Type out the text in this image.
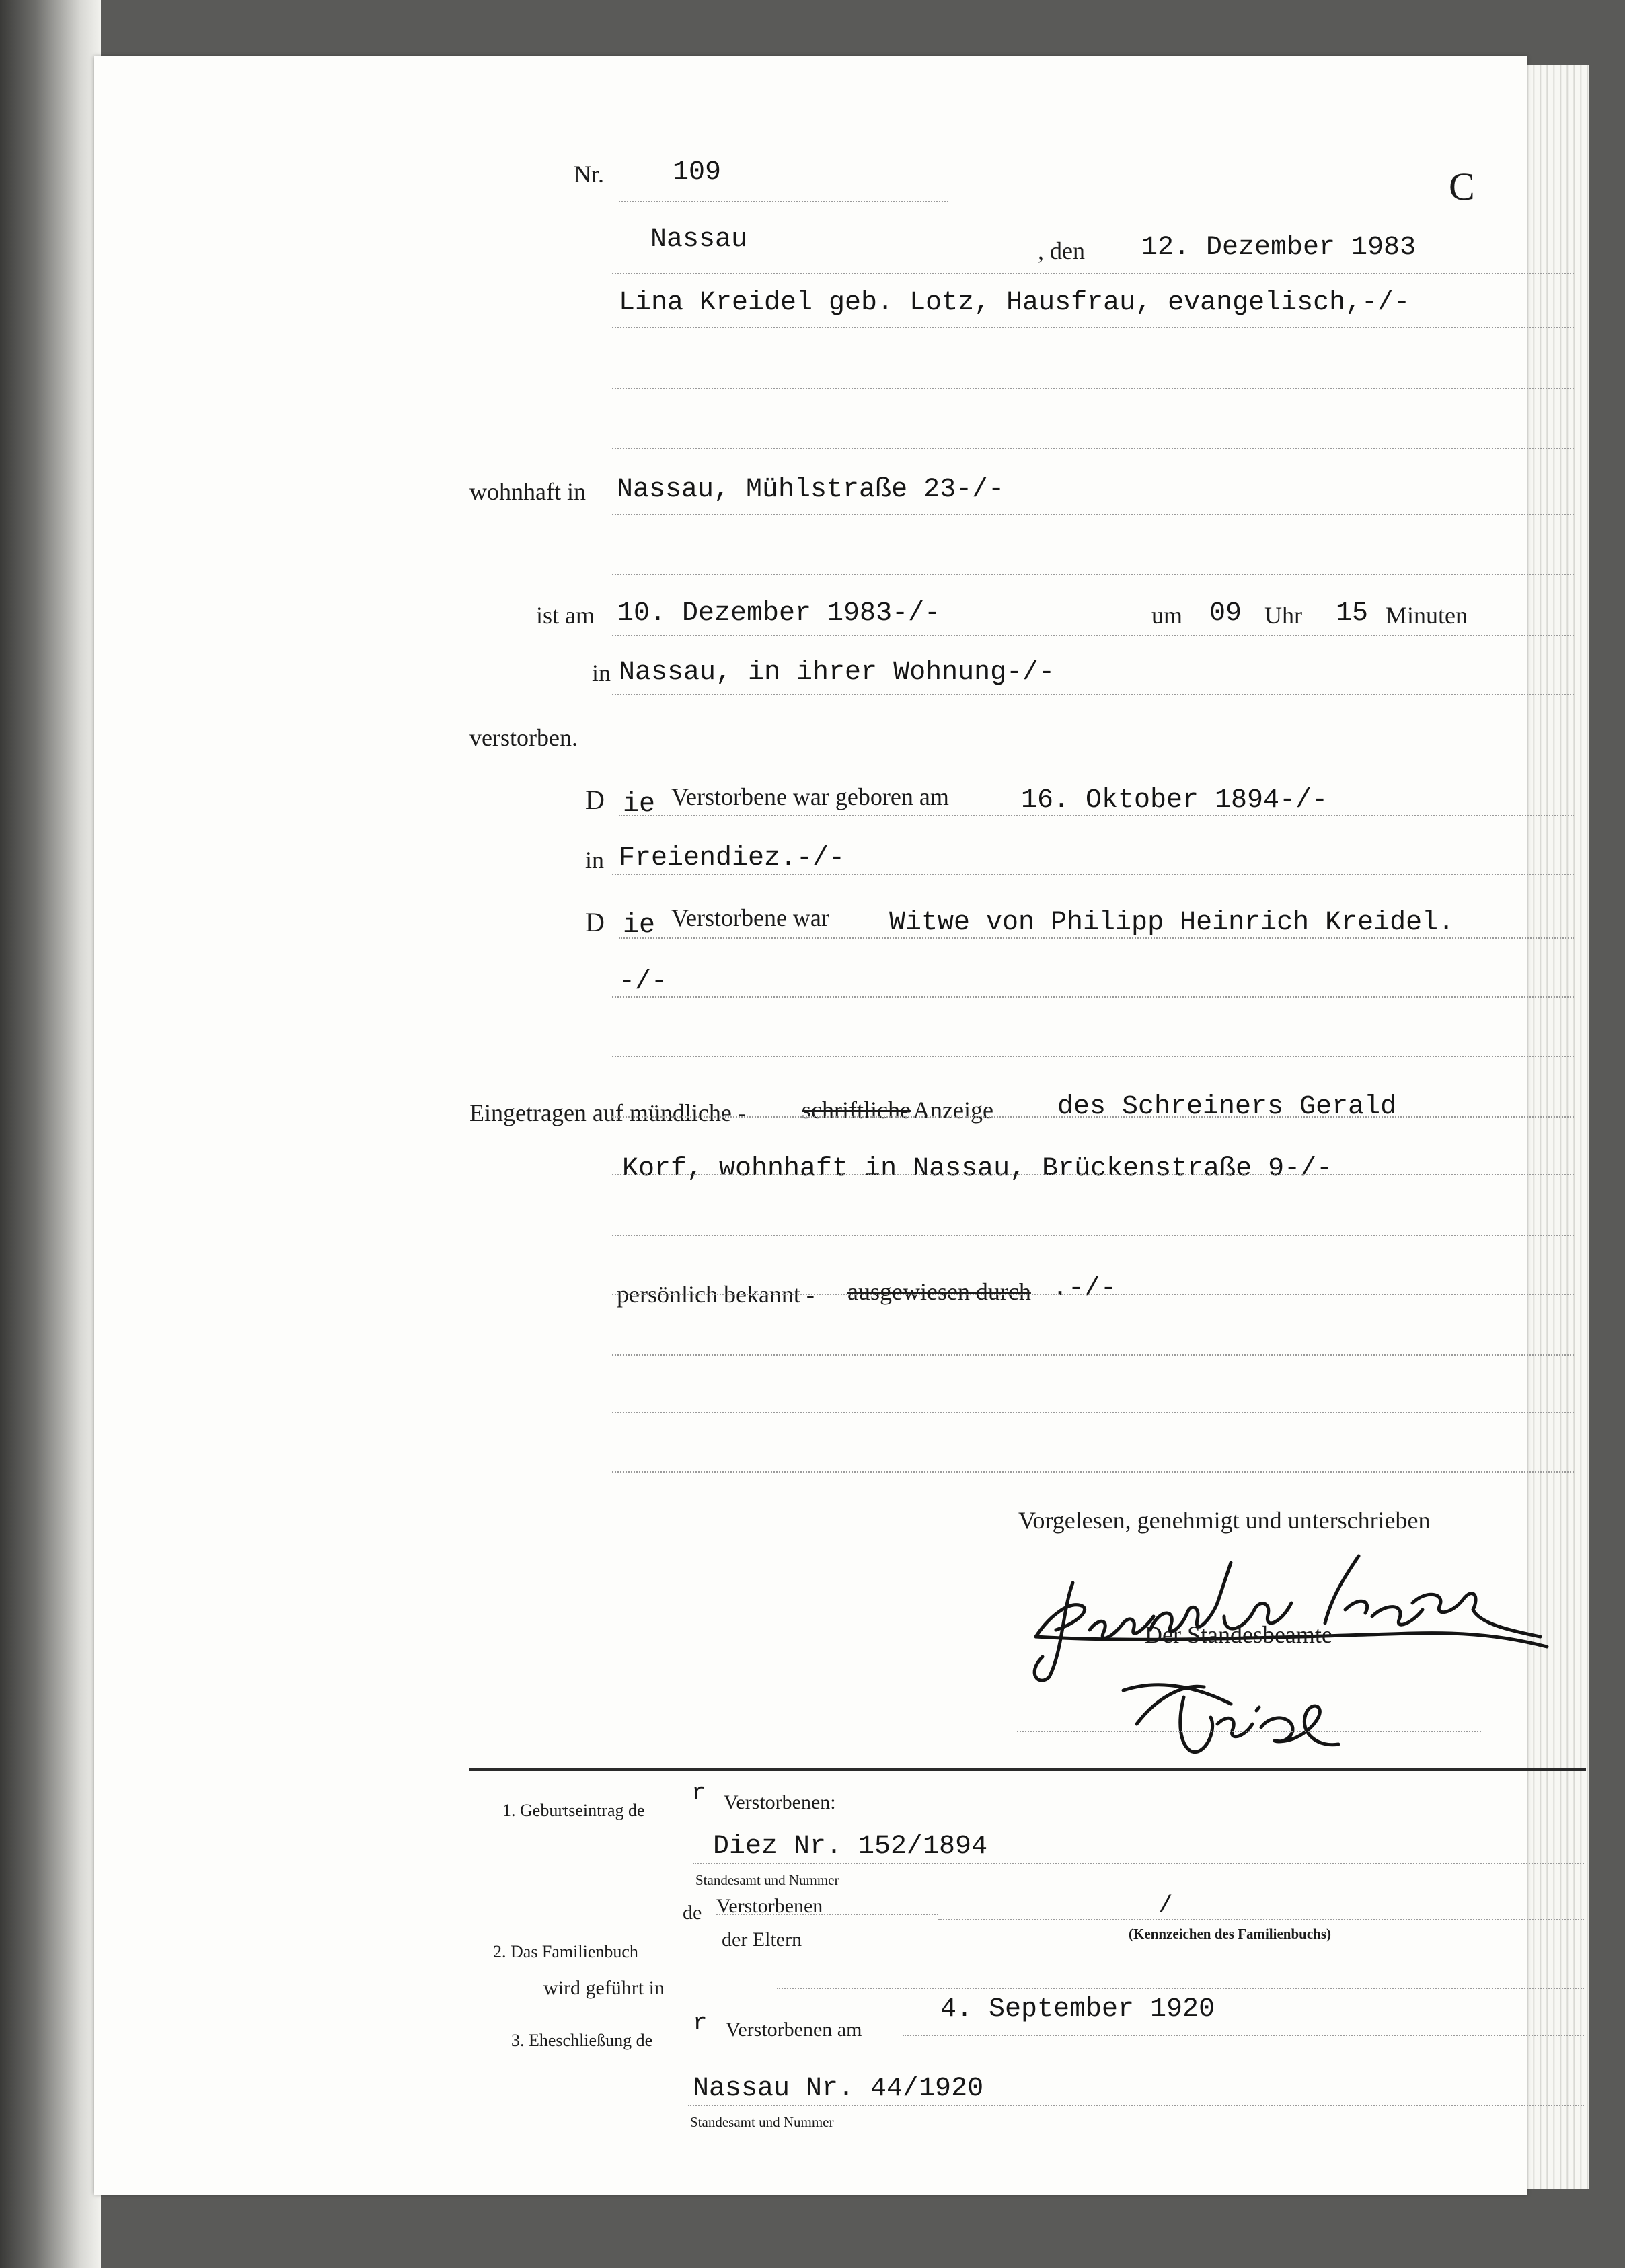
C
Nr.	109
Nassau	, den 12. Dezember 1983
Lina Kreidel geb. Lotz, Hausfrau, evangelisch,-/-
wohnhaft in Nassau, Mühlstraße 23-/-
ist am 10. Dezember 1983-/-	um 09 Uhr 15 Minuten
in Nassau, in ihrer Wohnung-/-
verstorben.
D ie Verstorbene war geboren am	16. Oktober 1894-/-
in Freiendiez.-/-
D ie Verstorbene war Witwe von Philipp Heinrich Kreidel.
-/-
Eingetragen auf mündliche - schriftliche
- Anzeige des Schreiners Gerald
Korf, wohnhaft in Nassau, Brückenstraße 9-/-
persönlich bekannt - ausgewiesen durch .-/-
Vorgelesen, genehmigt und unterschrieben
Der Standesbeamte
1. Geburtseintrag de
r Verstorbenen:
Diez Nr. 152/1894
Standesamt und Nummer
de Verstorbenen	/
(Kennzeichen des Familienbuchs)
2. Das Familienbuch
der Eltern
wird geführt in
3. Eheschließung de
r Verstorbenen am
4. September 1920
Nassau Nr. 44/1920
Standesamt und Nummer
